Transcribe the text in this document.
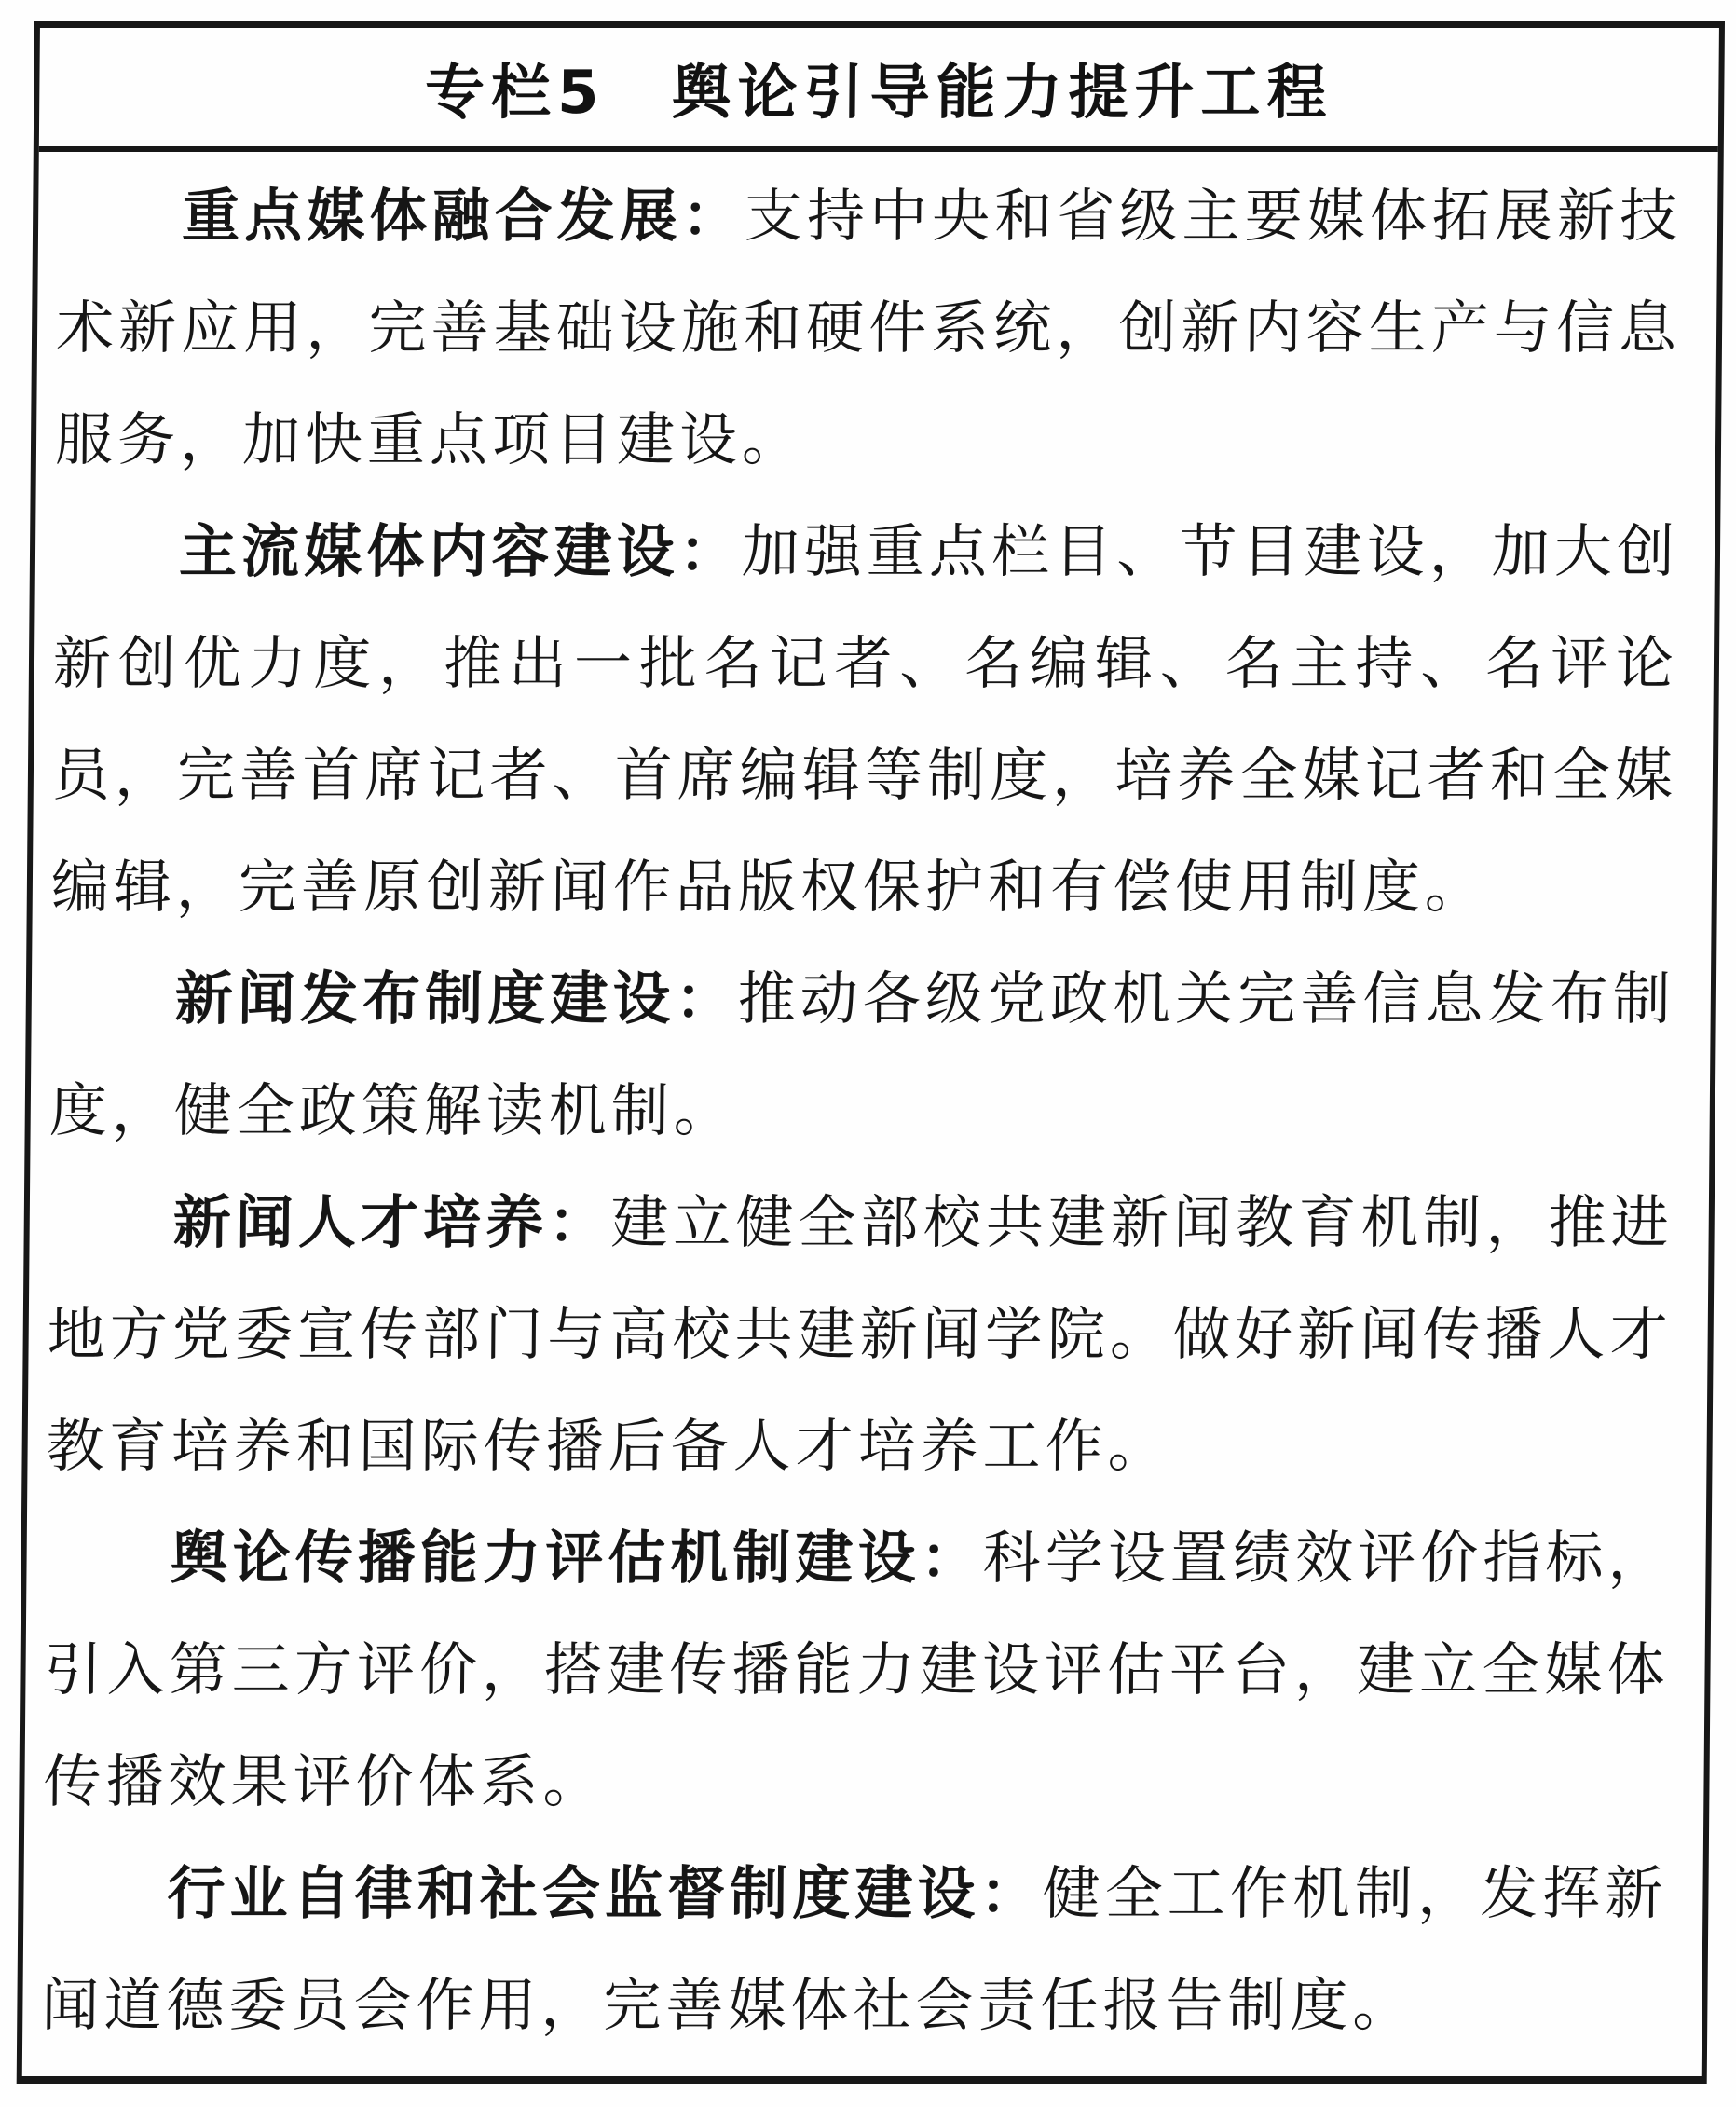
专栏5　舆论引导能力提升工程

重点媒体融合发展：支持中央和省级主要媒体拓展新技术新应用，完善基础设施和硬件系统，创新内容生产与信息服务，加快重点项目建设。

主流媒体内容建设：加强重点栏目、节目建设，加大创新创优力度，推出一批名记者、名编辑、名主持、名评论员，完善首席记者、首席编辑等制度，培养全媒记者和全媒编辑，完善原创新闻作品版权保护和有偿使用制度。

新闻发布制度建设：推动各级党政机关完善信息发布制度，健全政策解读机制。

新闻人才培养：建立健全部校共建新闻教育机制，推进地方党委宣传部门与高校共建新闻学院。做好新闻传播人才教育培养和国际传播后备人才培养工作。

舆论传播能力评估机制建设：科学设置绩效评价指标，引入第三方评价，搭建传播能力建设评估平台，建立全媒体传播效果评价体系。

行业自律和社会监督制度建设：健全工作机制，发挥新闻道德委员会作用，完善媒体社会责任报告制度。
